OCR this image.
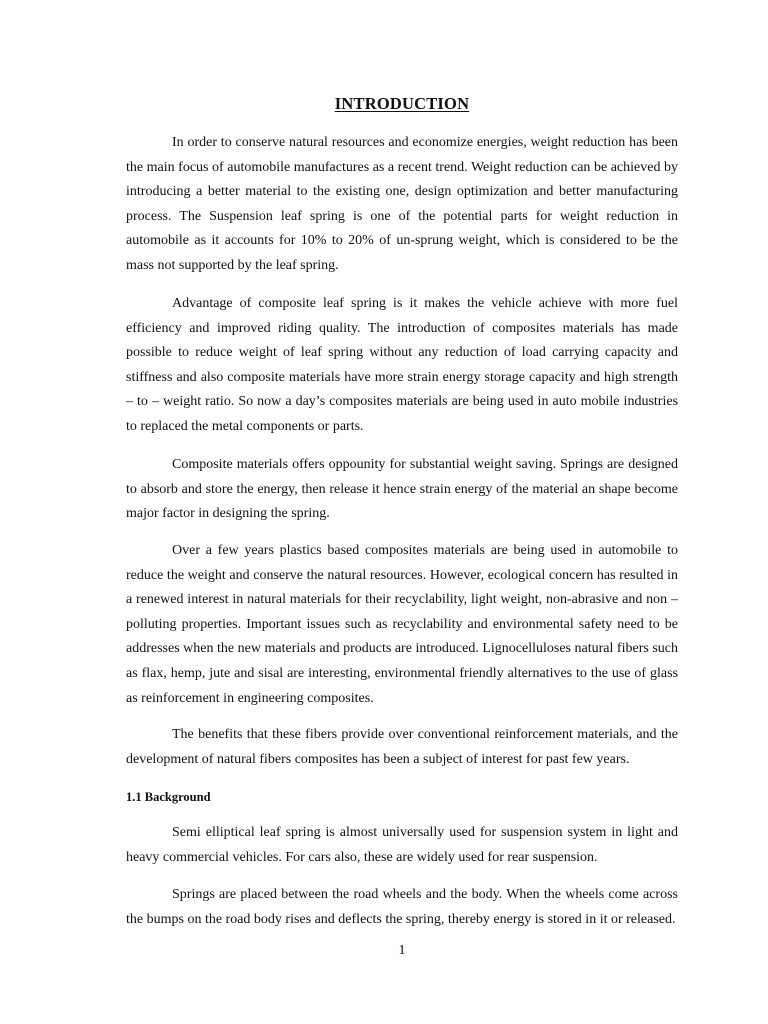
INTRODUCTION

In order to conserve natural resources and economize energies, weight reduction has been the main focus of automobile manufactures as a recent trend. Weight reduction can be achieved by introducing a better material to the existing one, design optimization and better manufacturing process. The Suspension leaf spring is one of the potential parts for weight reduction in automobile as it accounts for 10% to 20% of un-sprung weight, which is considered to be the mass not supported by the leaf spring.

Advantage of composite leaf spring is it makes the vehicle achieve with more fuel efficiency and improved riding quality. The introduction of composites materials has made possible to reduce weight of leaf spring without any reduction of load carrying capacity and stiffness and also composite materials have more strain energy storage capacity and high strength – to – weight ratio. So now a day’s composites materials are being used in auto mobile industries to replaced the metal components or parts.

Composite materials offers oppounity for substantial weight saving. Springs are designed to absorb and store the energy, then release it hence strain energy of the material an shape become major factor in designing the spring.

Over a few years plastics based composites materials are being used in automobile to reduce the weight and conserve the natural resources. However, ecological concern has resulted in a renewed interest in natural materials for their recyclability, light weight, non-abrasive and non – polluting properties. Important issues such as recyclability and environmental safety need to be addresses when the new materials and products are introduced. Lignocelluloses natural fibers such as flax, hemp, jute and sisal are interesting, environmental friendly alternatives to the use of glass as reinforcement in engineering composites.

The benefits that these fibers provide over conventional reinforcement materials, and the development of natural fibers composites has been a subject of interest for past few years.

1.1 Background

Semi elliptical leaf spring is almost universally used for suspension system in light and heavy commercial vehicles. For cars also, these are widely used for rear suspension.

Springs are placed between the road wheels and the body. When the wheels come across the bumps on the road body rises and deflects the spring, thereby energy is stored in it or released.

1
